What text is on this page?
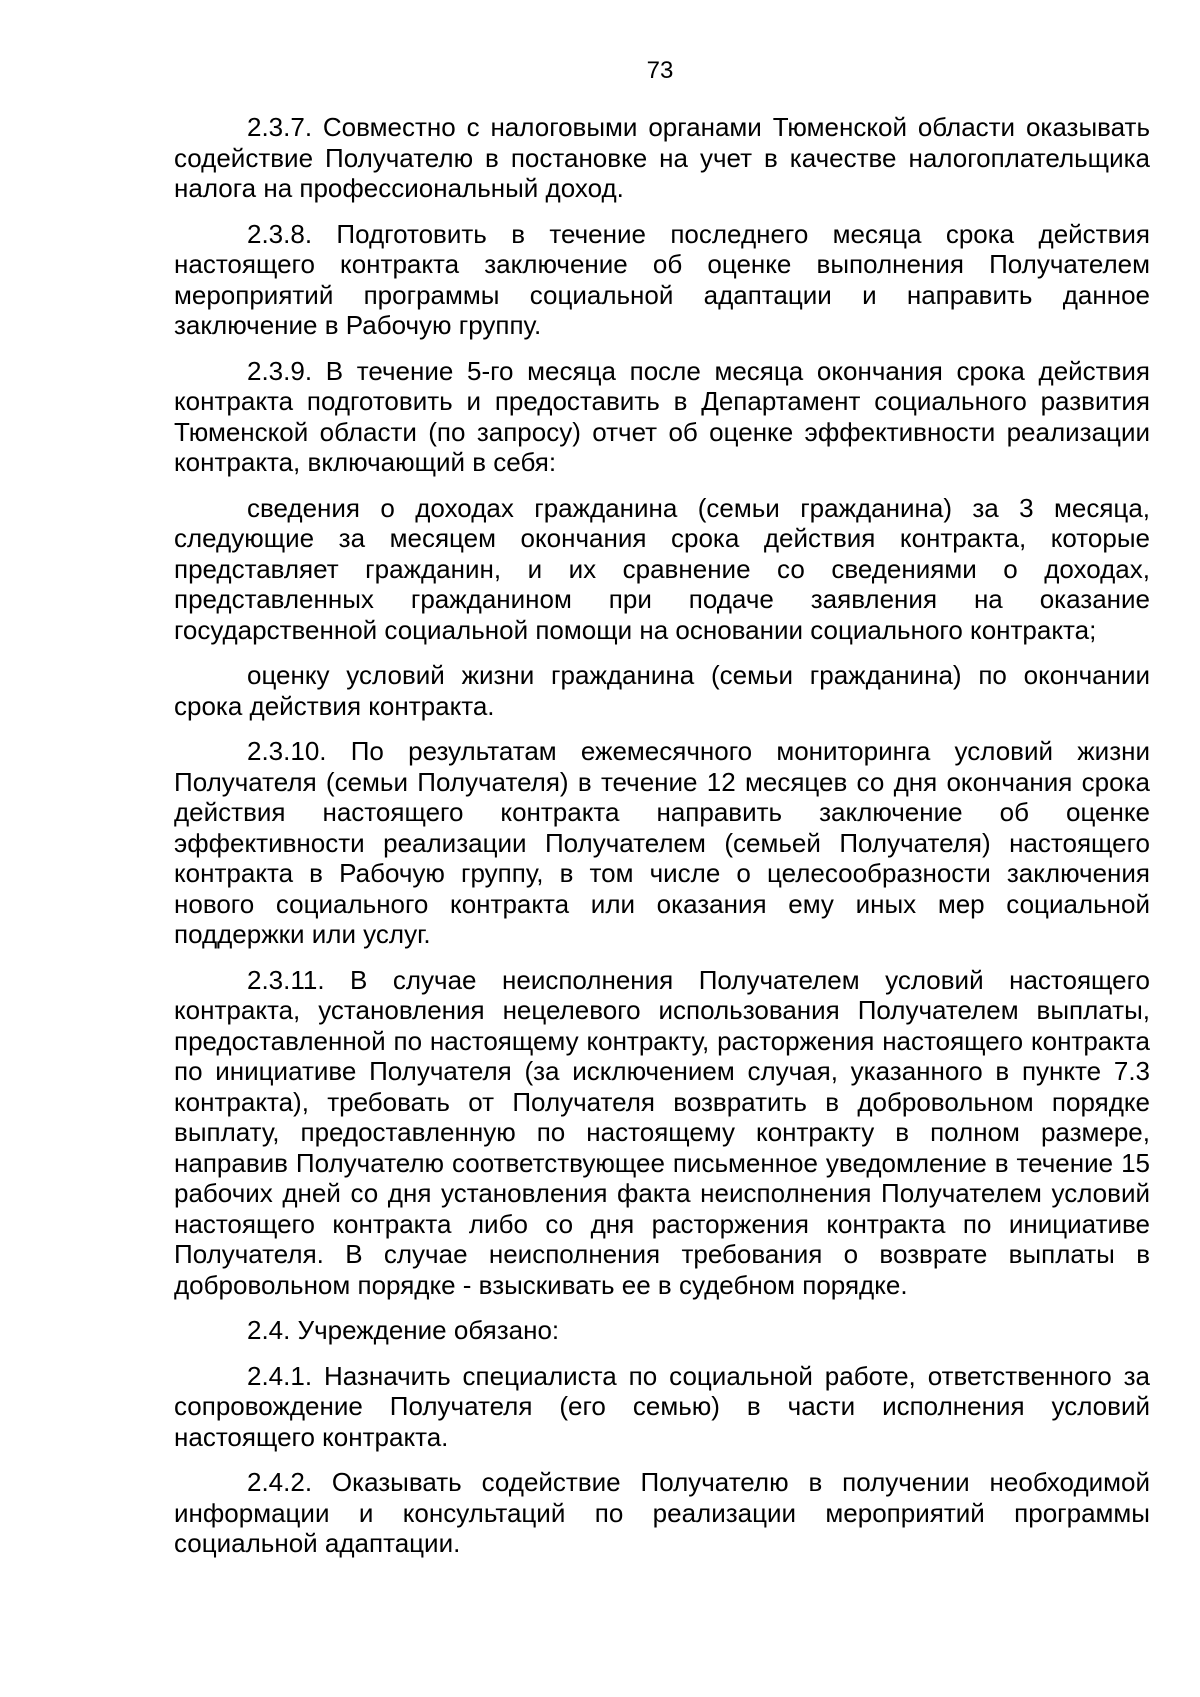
73

2.3.7. Совместно с налоговыми органами Тюменской области оказывать содействие Получателю в постановке на учет в качестве налогоплательщика налога на профессиональный доход.

2.3.8. Подготовить в течение последнего месяца срока действия настоящего контракта заключение об оценке выполнения Получателем мероприятий программы социальной адаптации и направить данное заключение в Рабочую группу.

2.3.9. В течение 5-го месяца после месяца окончания срока действия контракта подготовить и предоставить в Департамент социального развития Тюменской области (по запросу) отчет об оценке эффективности реализации контракта, включающий в себя:

сведения о доходах гражданина (семьи гражданина) за 3 месяца, следующие за месяцем окончания срока действия контракта, которые представляет гражданин, и их сравнение со сведениями о доходах, представленных гражданином при подаче заявления на оказание государственной социальной помощи на основании социального контракта;

оценку условий жизни гражданина (семьи гражданина) по окончании срока действия контракта.

2.3.10. По результатам ежемесячного мониторинга условий жизни Получателя (семьи Получателя) в течение 12 месяцев со дня окончания срока действия настоящего контракта направить заключение об оценке эффективности реализации Получателем (семьей Получателя) настоящего контракта в Рабочую группу, в том числе о целесообразности заключения нового социального контракта или оказания ему иных мер социальной поддержки или услуг.

2.3.11. В случае неисполнения Получателем условий настоящего контракта, установления нецелевого использования Получателем выплаты, предоставленной по настоящему контракту, расторжения настоящего контракта по инициативе Получателя (за исключением случая, указанного в пункте 7.3 контракта), требовать от Получателя возвратить в добровольном порядке выплату, предоставленную по настоящему контракту в полном размере, направив Получателю соответствующее письменное уведомление в течение 15 рабочих дней со дня установления факта неисполнения Получателем условий настоящего контракта либо со дня расторжения контракта по инициативе Получателя. В случае неисполнения требования о возврате выплаты в добровольном порядке - взыскивать ее в судебном порядке.

2.4. Учреждение обязано:

2.4.1. Назначить специалиста по социальной работе, ответственного за сопровождение Получателя (его семью) в части исполнения условий настоящего контракта.

2.4.2. Оказывать содействие Получателю в получении необходимой информации и консультаций по реализации мероприятий программы социальной адаптации.
